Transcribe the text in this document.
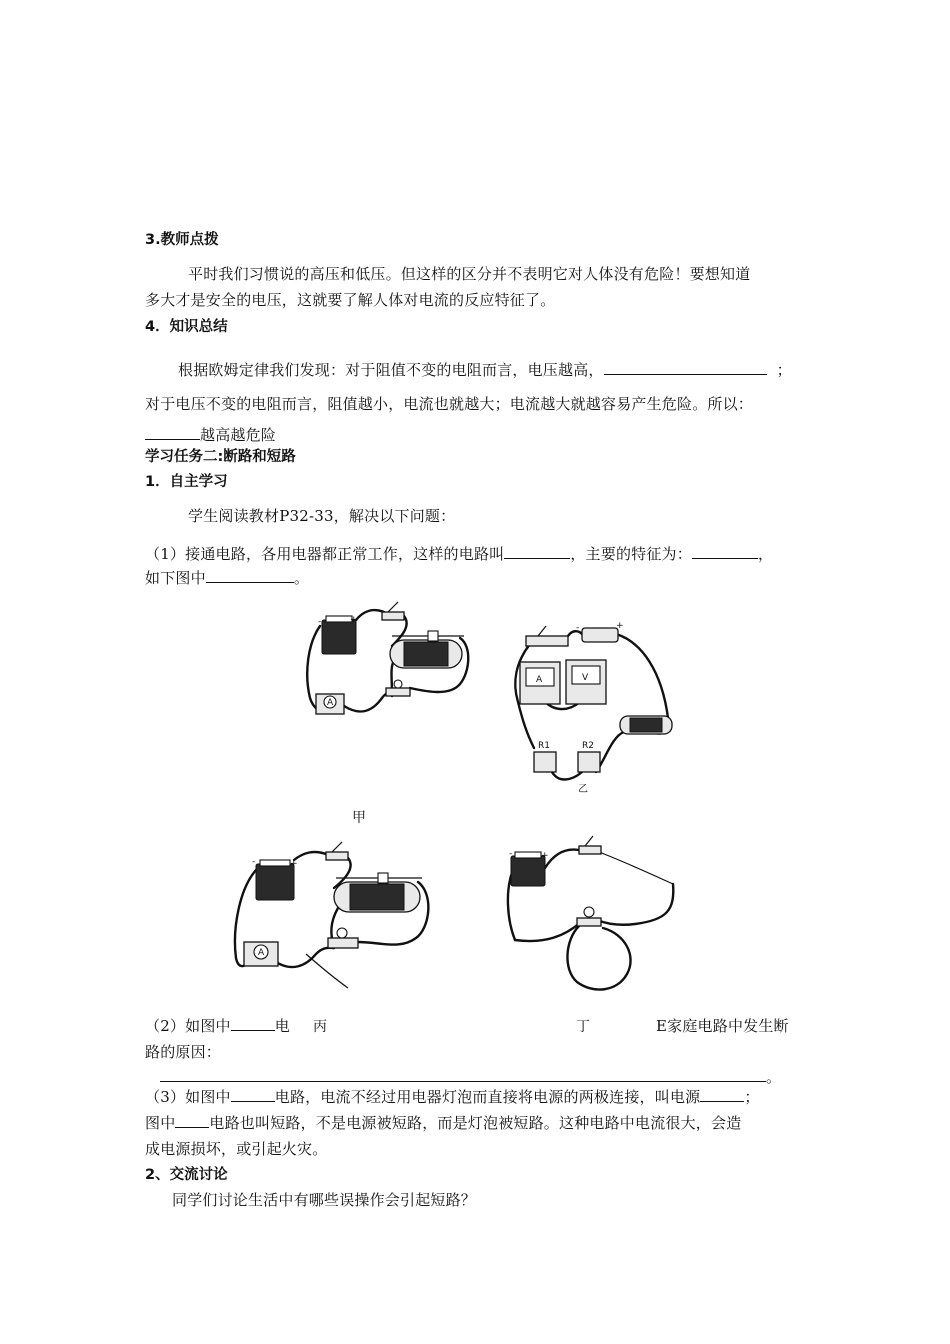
3.教师点拨
平时我们习惯说的高压和低压。但这样的区分并不表明它对人体没有危险！要想知道
多大才是安全的电压，这就要了解人体对电流的反应特征了。
4．知识总结
根据欧姆定律我们发现：对于阻值不变的电阻而言，电压越高，	；
对于电压不变的电阻而言，阻值越小，电流也就越大；电流越大就越容易产生危险。所以：
越高越危险
学习任务二:断路和短路
1．自主学习
学生阅读教材P32-33，解决以下问题：
（1）接通电路，各用电器都正常工作，这样的电路叫	，主要的特征为：	，
如下图中	。
-	+
A
-	+
A	V
R1	R2
乙
甲
-	+
A
-	+
（2）如图中	电 丙	丁	E家庭电路中发生断
路的原因：
。
（3）如图中	电路，电流不经过用电器灯泡而直接将电源的两极连接，叫电源	；
图中 电路也叫短路，不是电源被短路，而是灯泡被短路。这种电路中电流很大，会造
成电源损坏，或引起火灾。
2、交流讨论
同学们讨论生活中有哪些误操作会引起短路？
